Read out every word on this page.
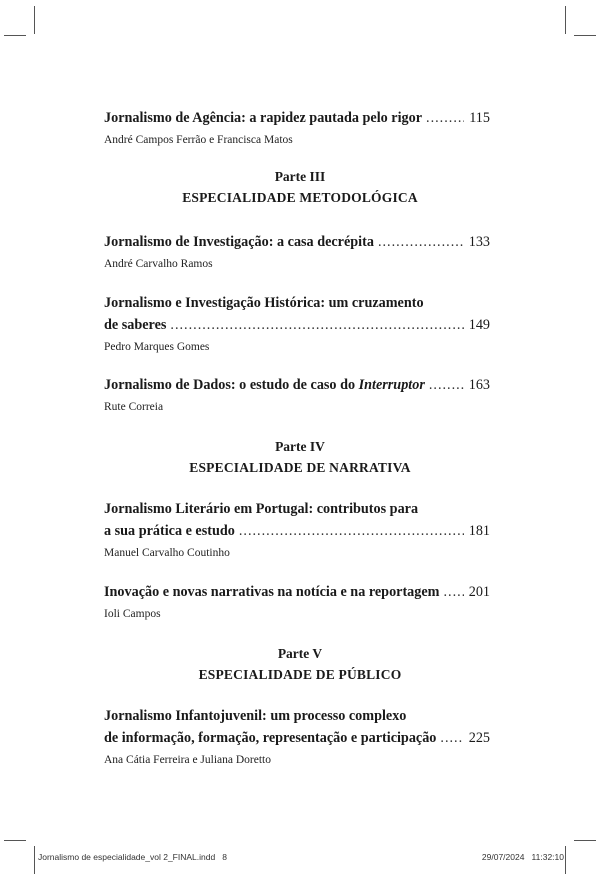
Jornalismo de Agência: a rapidez pautada pelo rigor .....	115
André Campos Ferrão e Francisca Matos
Parte III
ESPECIALIDADE METODOLÓGICA
Jornalismo de Investigação: a casa decrépita .....	133
André Carvalho Ramos
Jornalismo e Investigação Histórica: um cruzamento
de saberes .....	149
Pedro Marques Gomes
Jornalismo de Dados: o estudo de caso do Interruptor .....	163
Rute Correia
Parte IV
ESPECIALIDADE DE NARRATIVA
Jornalismo Literário em Portugal: contributos para
a sua prática e estudo .....	181
Manuel Carvalho Coutinho
Inovação e novas narrativas na notícia e na reportagem ..... 201
Ioli Campos
Parte V
ESPECIALIDADE DE PÚBLICO
Jornalismo Infantojuvenil: um processo complexo
de informação, formação, representação e participação ..... 225
Ana Cátia Ferreira e Juliana Doretto
Jornalismo de especialidade_vol 2_FINAL.indd   8	29/07/2024   11:32:10
